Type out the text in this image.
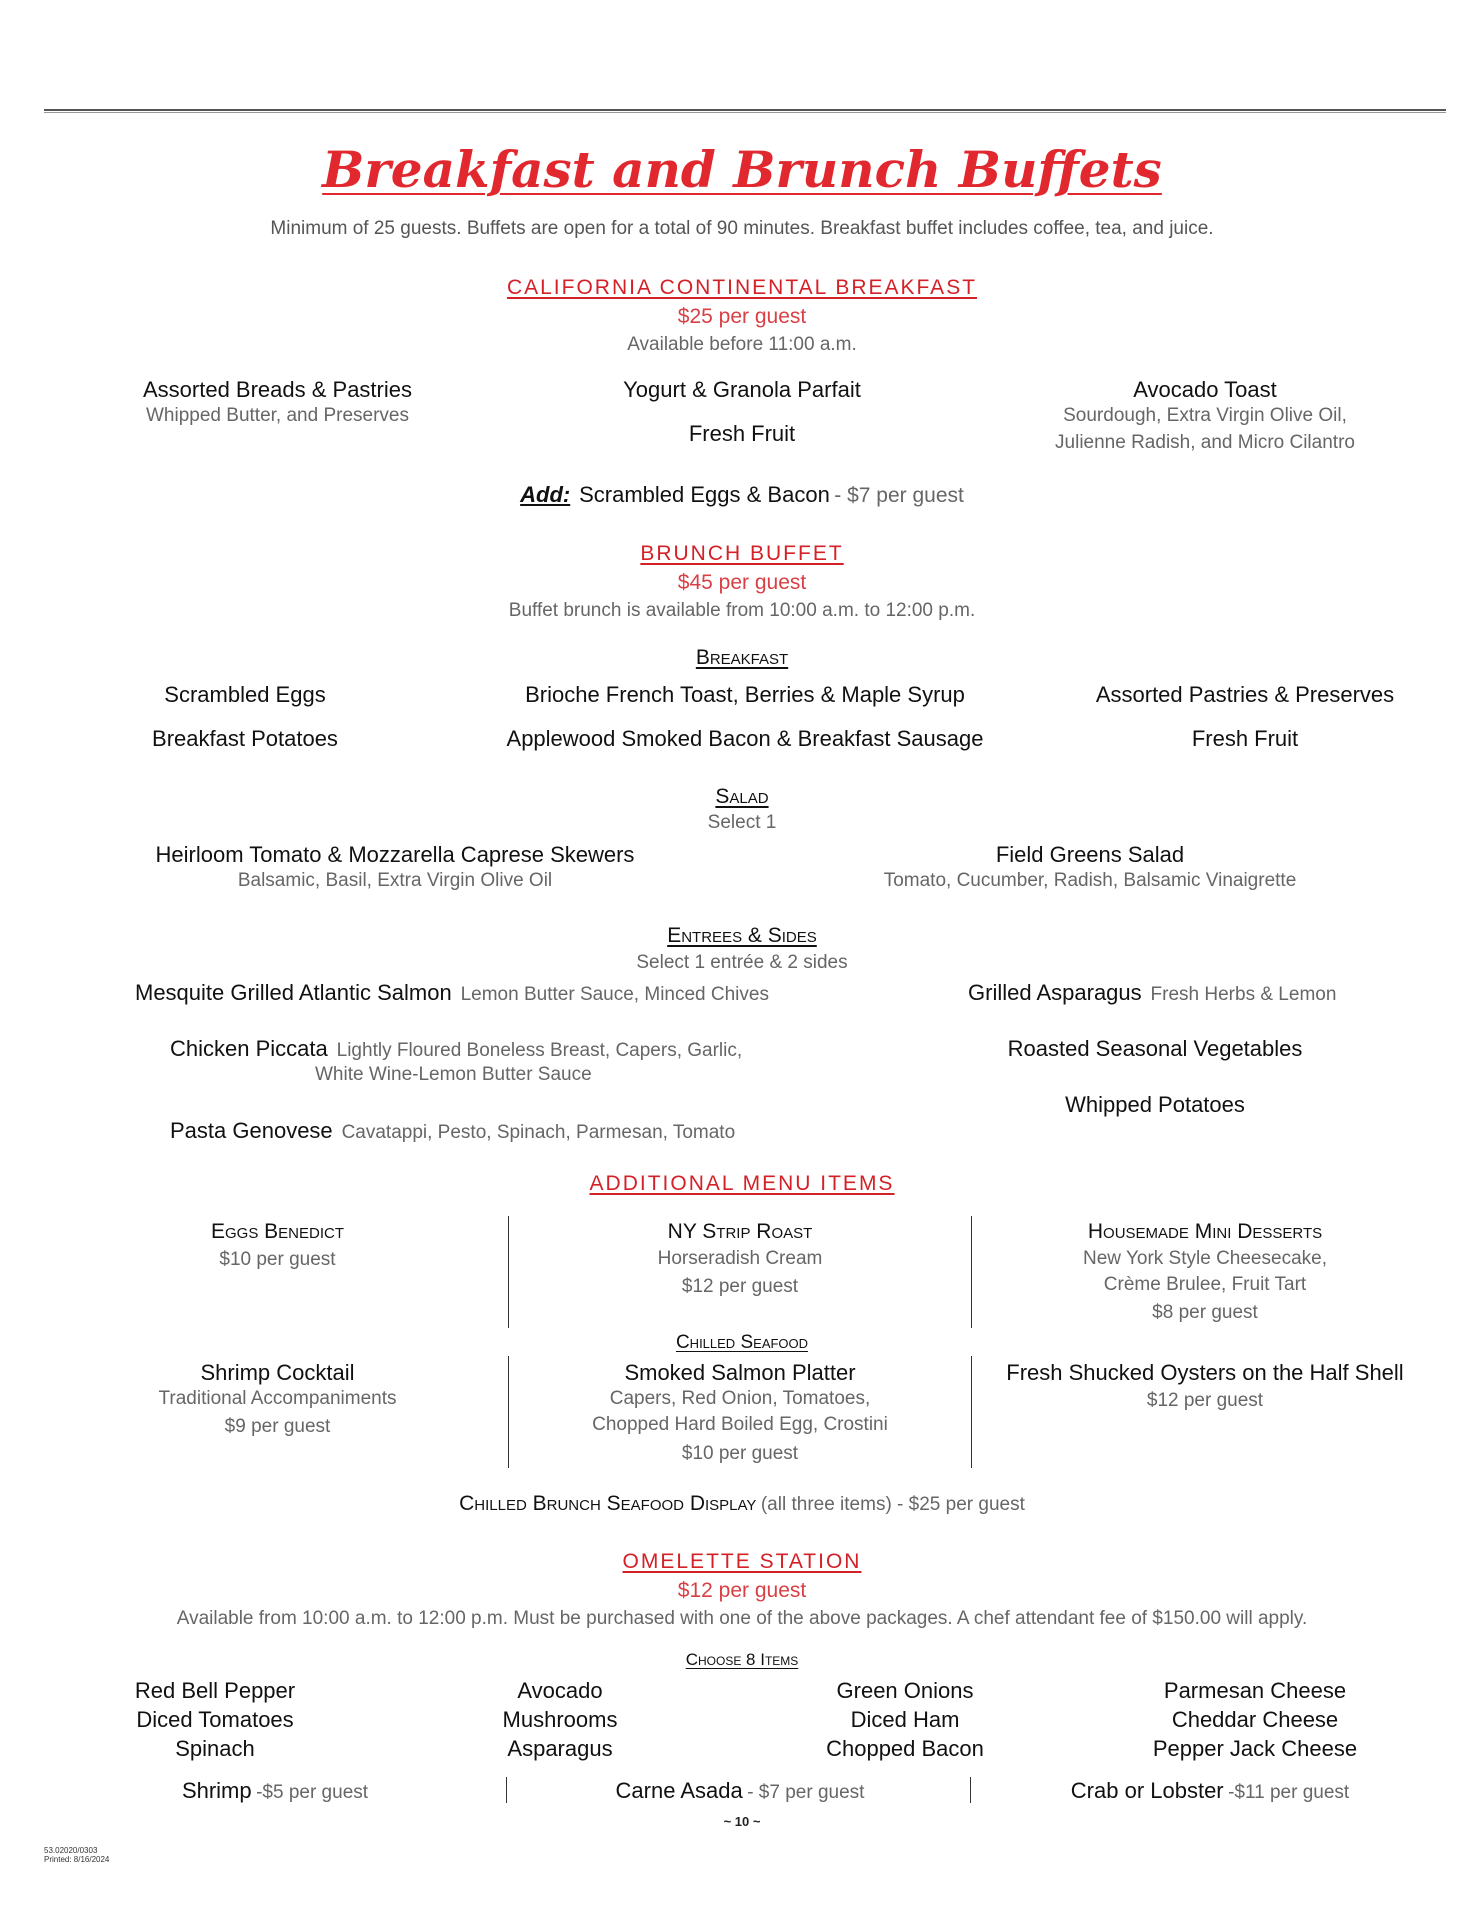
Breakfast and Brunch Buffets
Minimum of 25 guests. Buffets are open for a total of 90 minutes. Breakfast buffet includes coffee, tea, and juice.
CALIFORNIA CONTINENTAL BREAKFAST
$25 per guest
Available before 11:00 a.m.
Assorted Breads & Pastries
Whipped Butter, and Preserves
Yogurt & Granola Parfait
Fresh Fruit
Avocado Toast
Sourdough, Extra Virgin Olive Oil,
Julienne Radish, and Micro Cilantro
Add: Scrambled Eggs & Bacon - $7 per guest
BRUNCH BUFFET
$45 per guest
Buffet brunch is available from 10:00 a.m. to 12:00 p.m.
Breakfast
Scrambled Eggs
Breakfast Potatoes
Brioche French Toast, Berries & Maple Syrup
Applewood Smoked Bacon & Breakfast Sausage
Assorted Pastries & Preserves
Fresh Fruit
Salad
Select 1
Heirloom Tomato & Mozzarella Caprese Skewers
Balsamic, Basil, Extra Virgin Olive Oil
Field Greens Salad
Tomato, Cucumber, Radish, Balsamic Vinaigrette
Entrees & Sides
Select 1 entrée & 2 sides
Mesquite Grilled Atlantic Salmon Lemon Butter Sauce, Minced Chives
Chicken Piccata Lightly Floured Boneless Breast, Capers, Garlic,
White Wine-Lemon Butter Sauce
Pasta Genovese Cavatappi, Pesto, Spinach, Parmesan, Tomato
Grilled Asparagus Fresh Herbs & Lemon
Roasted Seasonal Vegetables
Whipped Potatoes
ADDITIONAL MENU ITEMS
Eggs Benedict
$10 per guest
NY Strip Roast
Horseradish Cream
$12 per guest
Housemade Mini Desserts
New York Style Cheesecake,
Crème Brulee, Fruit Tart
$8 per guest
Chilled Seafood
Shrimp Cocktail
Traditional Accompaniments
$9 per guest
Smoked Salmon Platter
Capers, Red Onion, Tomatoes,
Chopped Hard Boiled Egg, Crostini
$10 per guest
Fresh Shucked Oysters on the Half Shell
$12 per guest
Chilled Brunch Seafood Display (all three items) - $25 per guest
OMELETTE STATION
$12 per guest
Available from 10:00 a.m. to 12:00 p.m. Must be purchased with one of the above packages. A chef attendant fee of $150.00 will apply.
Choose 8 Items
Red Bell Pepper
Diced Tomatoes
Spinach
Avocado
Mushrooms
Asparagus
Green Onions
Diced Ham
Chopped Bacon
Parmesan Cheese
Cheddar Cheese
Pepper Jack Cheese
Shrimp -$5 per guest	Carne Asada - $7 per guest	Crab or Lobster -$11 per guest
~ 10 ~
53.02020/0303
Printed: 8/16/2024
